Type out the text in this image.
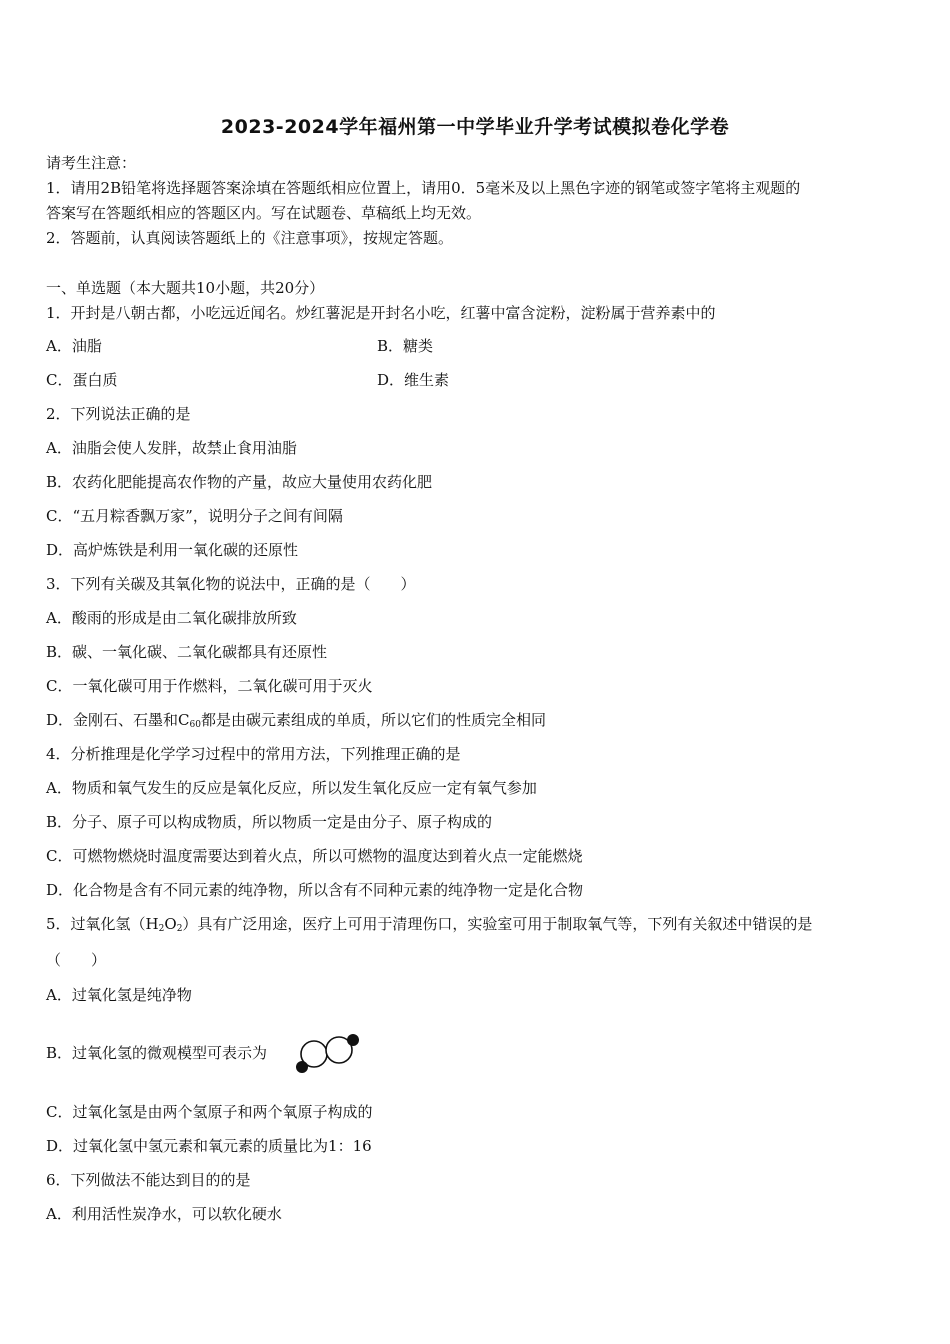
2023-2024学年福州第一中学毕业升学考试模拟卷化学卷
请考生注意：
1．请用2B铅笔将选择题答案涂填在答题纸相应位置上，请用0．5毫米及以上黑色字迹的钢笔或签字笔将主观题的
答案写在答题纸相应的答题区内。写在试题卷、草稿纸上均无效。
2．答题前，认真阅读答题纸上的《注意事项》，按规定答题。
一、单选题（本大题共10小题，共20分）
1．开封是八朝古都，小吃远近闻名。炒红薯泥是开封名小吃，红薯中富含淀粉，淀粉属于营养素中的
A．油脂	B．糖类
C．蛋白质	D．维生素
2．下列说法正确的是
A．油脂会使人发胖，故禁止食用油脂
B．农药化肥能提高农作物的产量，故应大量使用农药化肥
C．“五月粽香飘万家”，说明分子之间有间隔
D．高炉炼铁是利用一氧化碳的还原性
3．下列有关碳及其氧化物的说法中，正确的是（　　）
A．酸雨的形成是由二氧化碳排放所致
B．碳、一氧化碳、二氧化碳都具有还原性
C．一氧化碳可用于作燃料，二氧化碳可用于灭火
D．金刚石、石墨和$C_{60}$都是由碳元素组成的单质，所以它们的性质完全相同
4．分析推理是化学学习过程中的常用方法，下列推理正确的是
A．物质和氧气发生的反应是氧化反应，所以发生氧化反应一定有氧气参加
B．分子、原子可以构成物质，所以物质一定是由分子、原子构成的
C．可燃物燃烧时温度需要达到着火点，所以可燃物的温度达到着火点一定能燃烧
D．化合物是含有不同元素的纯净物，所以含有不同种元素的纯净物一定是化合物
5．过氧化氢$(H_2O_2)$具有广泛用途，医疗上可用于清理伤口，实验室可用于制取氧气等，下列有关叙述中错误的是
（　　）
A．过氧化氢是纯净物
B．过氧化氢的微观模型可表示为
C．过氧化氢是由两个氢原子和两个氧原子构成的
D．过氧化氢中氢元素和氧元素的质量比为1：16
6．下列做法不能达到目的的是
A．利用活性炭净水，可以软化硬水
